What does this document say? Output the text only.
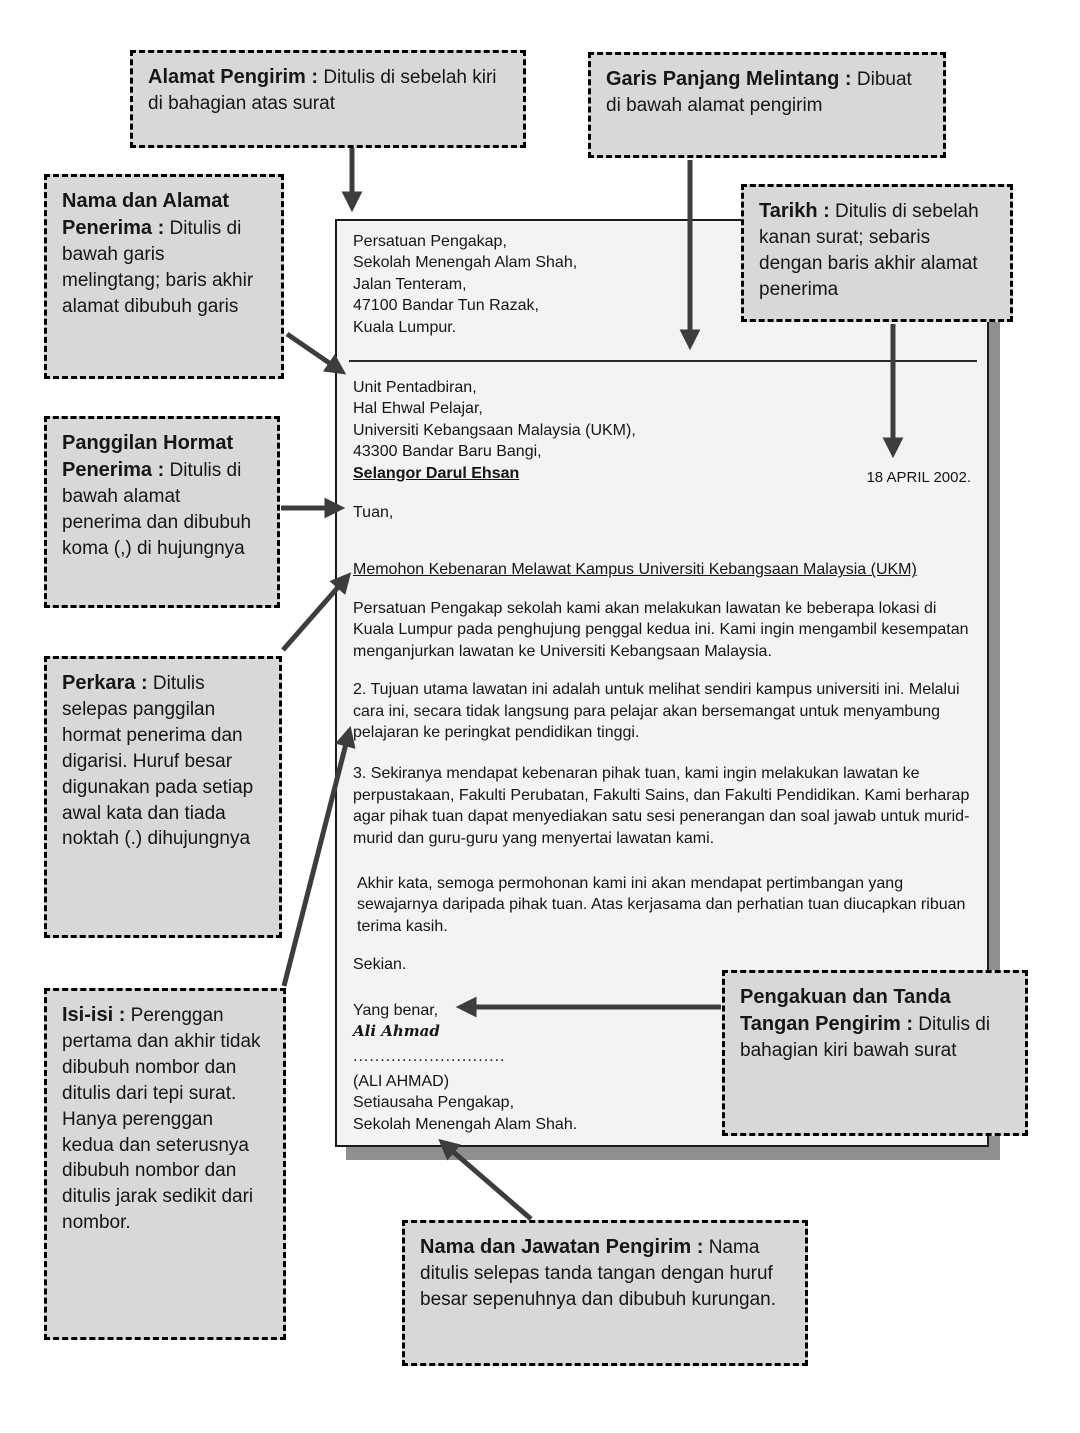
Persatuan Pengakap,
Sekolah Menengah Alam Shah,
Jalan Tenteram,
47100 Bandar Tun Razak,
Kuala Lumpur.
Unit Pentadbiran,
Hal Ehwal Pelajar,
Universiti Kebangsaan Malaysia (UKM),
43300 Bandar Baru Bangi,
Selangor Darul Ehsan	18 APRIL 2002.
Tuan,
Memohon Kebenaran Melawat Kampus Universiti Kebangsaan Malaysia (UKM)

Persatuan Pengakap sekolah kami akan melakukan lawatan ke beberapa lokasi di Kuala Lumpur pada penghujung penggal kedua ini. Kami ingin mengambil kesempatan menganjurkan lawatan ke Universiti Kebangsaan Malaysia.

2. Tujuan utama lawatan ini adalah untuk melihat sendiri kampus universiti ini. Melalui cara ini, secara tidak langsung para pelajar akan bersemangat untuk menyambung pelajaran ke peringkat pendidikan tinggi.

3. Sekiranya mendapat kebenaran pihak tuan, kami ingin melakukan lawatan ke perpustakaan, Fakulti Perubatan, Fakulti Sains, dan Fakulti Pendidikan. Kami berharap agar pihak tuan dapat menyediakan satu sesi penerangan dan soal jawab untuk murid-murid dan guru-guru yang menyertai lawatan kami.

Akhir kata, semoga permohonan kami ini akan mendapat pertimbangan yang sewajarnya daripada pihak tuan. Atas kerjasama dan perhatian tuan diucapkan ribuan terima kasih.

Sekian.
Yang benar,
Ali Ahmad
............................
(ALI AHMAD)
Setiausaha Pengakap,
Sekolah Menengah Alam Shah.
Alamat Pengirim : Ditulis di sebelah kiri di bahagian atas surat
Garis Panjang Melintang : Dibuat di bawah alamat pengirim
Nama dan Alamat Penerima : Ditulis di bawah garis melingtang; baris akhir alamat dibubuh garis
Tarikh : Ditulis di sebelah kanan surat; sebaris dengan baris akhir alamat penerima
Panggilan Hormat Penerima : Ditulis di bawah alamat penerima dan dibubuh koma (,) di hujungnya
Perkara : Ditulis selepas panggilan hormat penerima dan digarisi. Huruf besar digunakan pada setiap awal kata dan tiada noktah (.) dihujungnya
Isi-isi : Perenggan pertama dan akhir tidak dibubuh nombor dan ditulis dari tepi surat. Hanya perenggan kedua dan seterusnya dibubuh nombor dan ditulis jarak sedikit dari nombor.
Pengakuan dan Tanda Tangan Pengirim : Ditulis di bahagian kiri bawah surat
Nama dan Jawatan Pengirim : Nama ditulis selepas tanda tangan dengan huruf besar sepenuhnya dan dibubuh kurungan.
